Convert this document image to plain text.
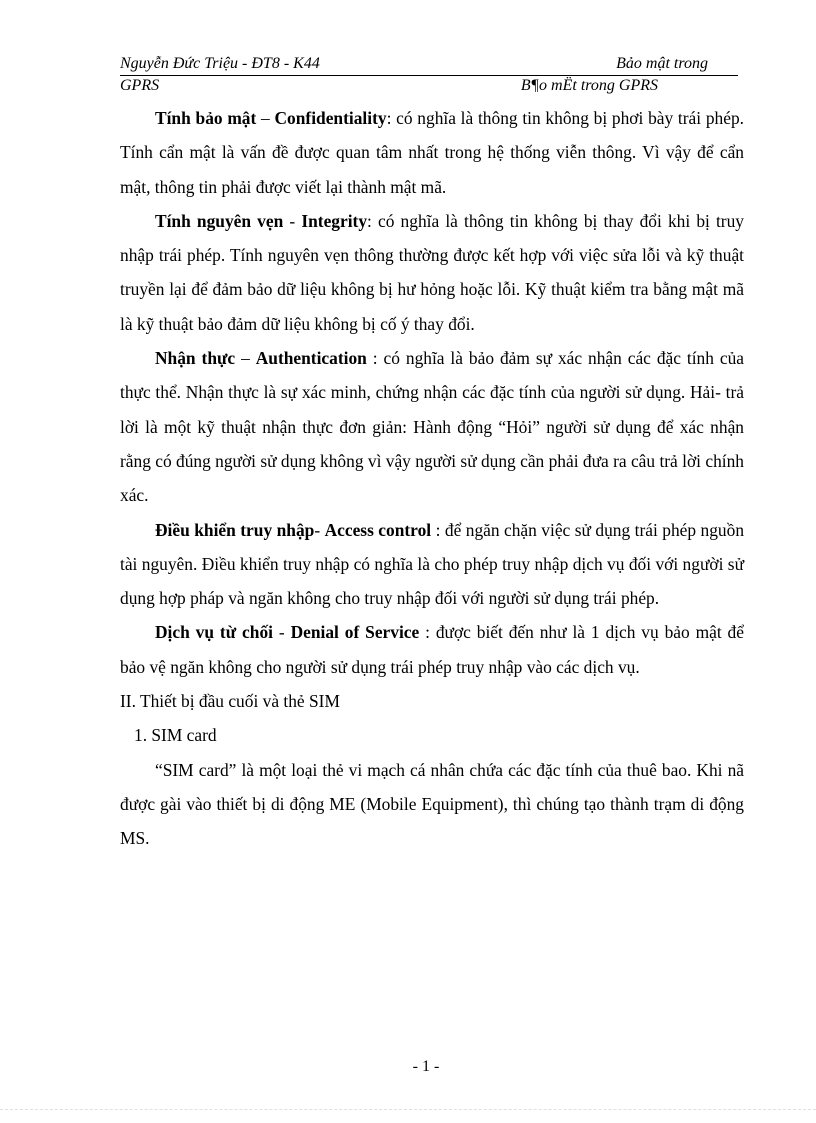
Nguyễn Đức Triệu - ĐT8 - K44	Bảo mật trong
GPRS	B¶o mËt trong GPRS

Tính bảo mật – Confidentiality: có nghĩa là thông tin không bị phơi bày trái phép. Tính cẩn mật là vấn đề được quan tâm nhất trong hệ thống viễn thông. Vì vậy để cẩn mật, thông tin phải được viết lại thành mật mã.

Tính nguyên vẹn - Integrity: có nghĩa là thông tin không bị thay đổi khi bị truy nhập trái phép. Tính nguyên vẹn thông thường được kết hợp với việc sửa lỗi và kỹ thuật truyền lại để đảm bảo dữ liệu không bị hư hỏng hoặc lỗi. Kỹ thuật kiểm tra bằng mật mã là kỹ thuật bảo đảm dữ liệu không bị cố ý thay đổi.

Nhận thực – Authentication : có nghĩa là bảo đảm sự xác nhận các đặc tính của thực thể. Nhận thực là sự xác minh, chứng nhận các đặc tính của người sử dụng. Hải- trả lời là một kỹ thuật nhận thực đơn giản: Hành động “Hỏi” người sử dụng để xác nhận rằng có đúng người sử dụng không vì vậy người sử dụng cần phải đưa ra câu trả lời chính xác.

Điều khiển truy nhập- Access control : để ngăn chặn việc sử dụng trái phép nguồn tài nguyên. Điều khiển truy nhập có nghĩa là cho phép truy nhập dịch vụ đối với người sử dụng hợp pháp và ngăn không cho truy nhập đối với người sử dụng trái phép.

Dịch vụ từ chối - Denial of Service : được biết đến như là 1 dịch vụ bảo mật để bảo vệ ngăn không cho người sử dụng trái phép truy nhập vào các dịch vụ.

II. Thiết bị đầu cuối và thẻ SIM

1. SIM card

“SIM card” là một loại thẻ vi mạch cá nhân chứa các đặc tính của thuê bao. Khi nã được gài vào thiết bị di động ME (Mobile Equipment), thì chúng tạo thành trạm di động MS.

- 1 -
